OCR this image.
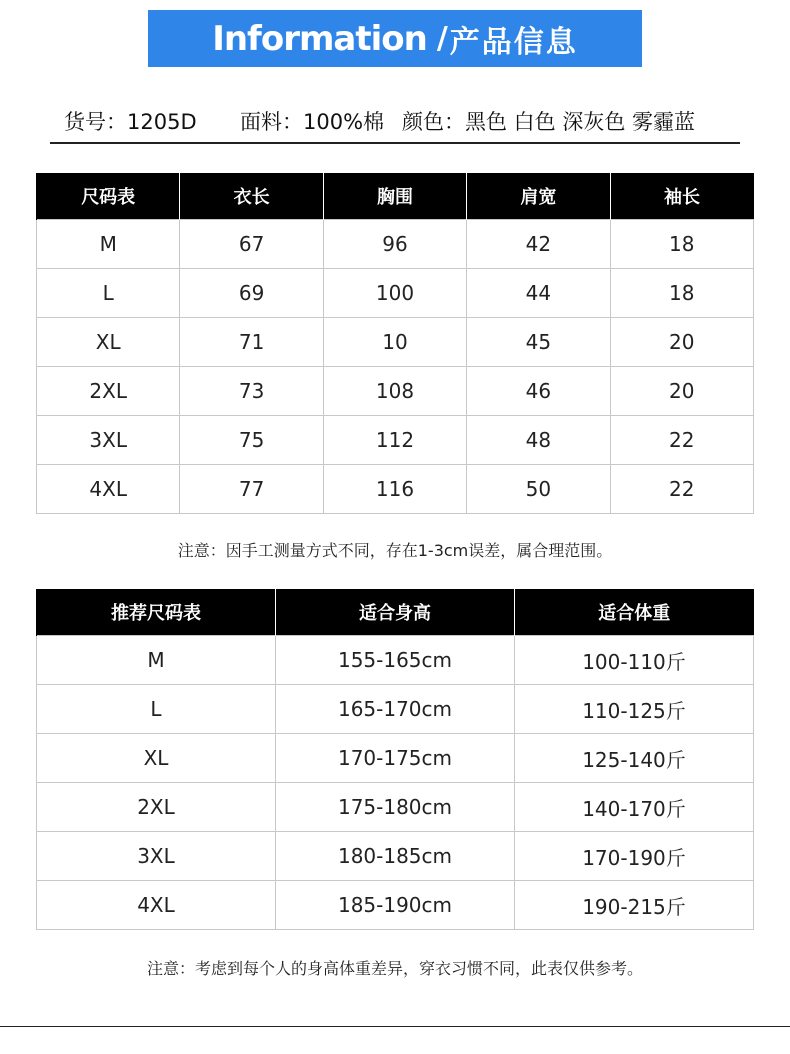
Information / 产品信息
货号：1205D 面料：100%棉 颜色：黑色 白色 深灰色 雾霾蓝
尺码表	衣长	胸围	肩宽	袖长
M	67	96	42	18
L	69	100	44	18
XL	71	10	45	20
2XL	73	108	46	20
3XL	75	112	48	22
4XL	77	116	50	22
注意：因手工测量方式不同，存在1-3cm误差，属合理范围。
推荐尺码表	适合身高	适合体重
M	155-165cm	100-110斤
L	165-170cm	110-125斤
XL	170-175cm	125-140斤
2XL	175-180cm	140-170斤
3XL	180-185cm	170-190斤
4XL	185-190cm	190-215斤
注意：考虑到每个人的身高体重差异，穿衣习惯不同，此表仅供参考。
